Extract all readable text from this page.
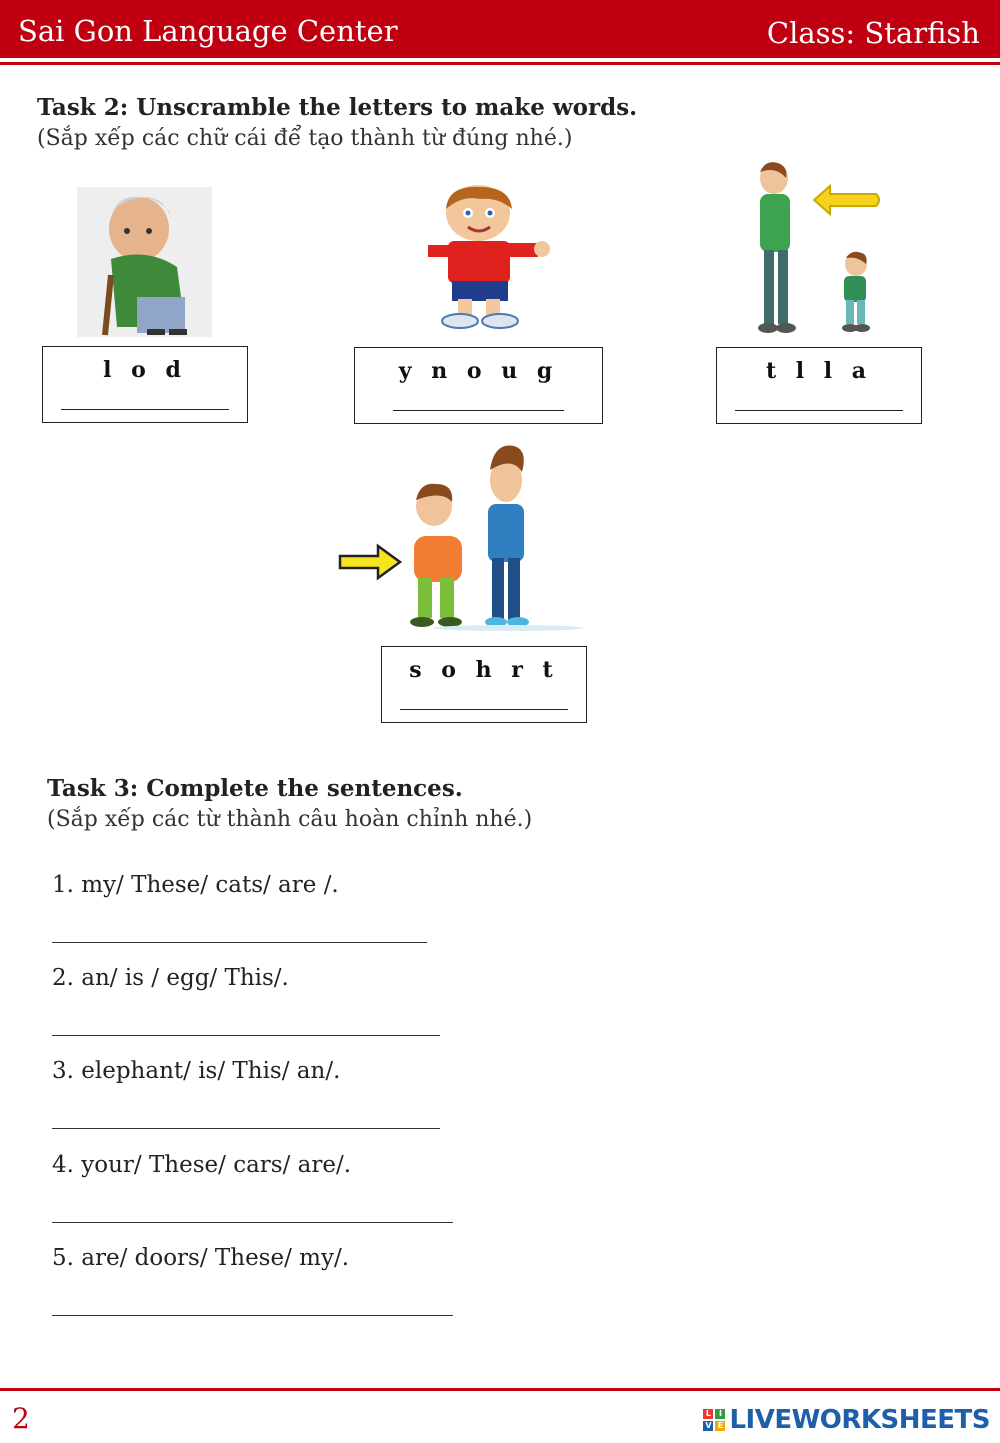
Sai Gon Language Center	Class: Starfish
Task 2: Unscramble the letters to make words.
(Sắp xếp các chữ cái để tạo thành từ đúng nhé.)
l o d	y n o u g	t l l a
s o h r t
Task 3: Complete the sentences.
(Sắp xếp các từ thành câu hoàn chỉnh nhé.)
1. my/ These/ cats/ are /.
2. an/ is / egg/ This/.
3. elephant/ is/ This/ an/.
4. your/ These/ cars/ are/.
5. are/ doors/ These/ my/.
2	L I
V E LIVEWORKSHEETS
